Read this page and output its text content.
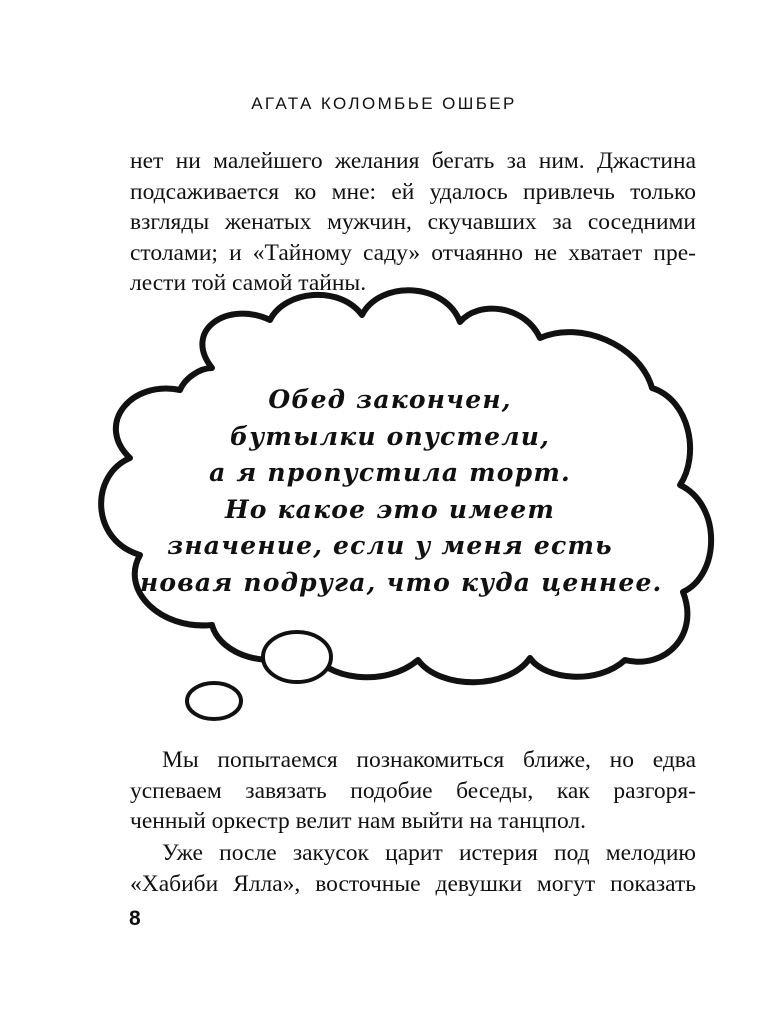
АГАТА КОЛОМБЬЕ ОШБЕР
нет ни малейшего желания бегать за ним. Джастина
подсаживается ко мне: ей удалось привлечь только
взгляды женатых мужчин, скучавших за соседними
столами; и «Тайному саду» отчаянно не хватает пре-
лести той самой тайны.
Обед закончен,
бутылки опустели,
а я пропустила торт.
Но какое это имеет
значение, если у меня есть
новая подруга, что куда ценнее.
Мы попытаемся познакомиться ближе, но едва
успеваем завязать подобие беседы, как разгоря-
ченный оркестр велит нам выйти на танцпол.
Уже после закусок царит истерия под мелодию
«Хабиби Ялла», восточные девушки могут показать
8
